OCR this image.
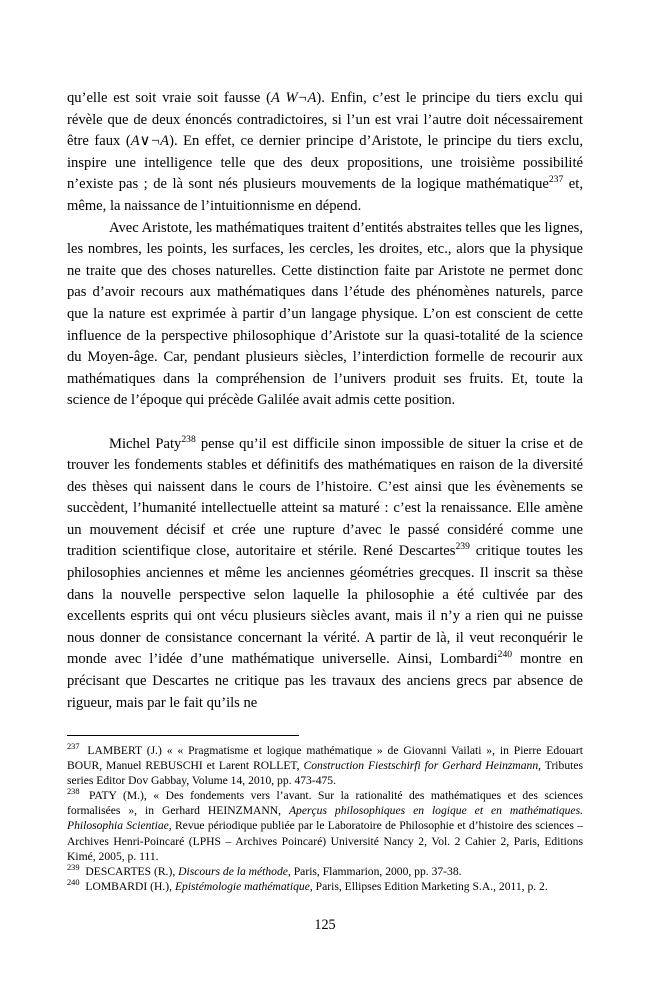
qu’elle est soit vraie soit fausse (A W¬A). Enfin, c’est le principe du tiers exclu qui révèle que de deux énoncés contradictoires, si l’un est vrai l’autre doit nécessairement être faux (A∨¬A). En effet, ce dernier principe d’Aristote, le principe du tiers exclu, inspire une intelligence telle que des deux propositions, une troisième possibilité n’existe pas ; de là sont nés plusieurs mouvements de la logique mathématique$^{237}$ et, même, la naissance de l’intuitionnisme en dépend.

Avec Aristote, les mathématiques traitent d’entités abstraites telles que les lignes, les nombres, les points, les surfaces, les cercles, les droites, etc., alors que la physique ne traite que des choses naturelles. Cette distinction faite par Aristote ne permet donc pas d’avoir recours aux mathématiques dans l’étude des phénomènes naturels, parce que la nature est exprimée à partir d’un langage physique. L’on est conscient de cette influence de la perspective philosophique d’Aristote sur la quasi-totalité de la science du Moyen-âge. Car, pendant plusieurs siècles, l’interdiction formelle de recourir aux mathématiques dans la compréhension de l’univers produit ses fruits. Et, toute la science de l’époque qui précède Galilée avait admis cette position.

Michel Paty$^{238}$ pense qu’il est difficile sinon impossible de situer la crise et de trouver les fondements stables et définitifs des mathématiques en raison de la diversité des thèses qui naissent dans le cours de l’histoire. C’est ainsi que les évènements se succèdent, l’humanité intellectuelle atteint sa maturé : c’est la renaissance. Elle amène un mouvement décisif et crée une rupture d’avec le passé considéré comme une tradition scientifique close, autoritaire et stérile. René Descartes$^{239}$ critique toutes les philosophies anciennes et même les anciennes géométries grecques. Il inscrit sa thèse dans la nouvelle perspective selon laquelle la philosophie a été cultivée par des excellents esprits qui ont vécu plusieurs siècles avant, mais il n’y a rien qui ne puisse nous donner de consistance concernant la vérité. A partir de là, il veut reconquérir le monde avec l’idée d’une mathématique universelle. Ainsi, Lombardi$^{240}$ montre en précisant que Descartes ne critique pas les travaux des anciens grecs par absence de rigueur, mais par le fait qu’ils ne

$^{237}$ LAMBERT (J.) « « Pragmatisme et logique mathématique » de Giovanni Vailati », in Pierre Edouart BOUR, Manuel REBUSCHI et Larent ROLLET, Construction Fiestschirfi for Gerhard Heinzmann, Tributes series Editor Dov Gabbay, Volume 14, 2010, pp. 473-475.

$^{238}$ PATY (M.), « Des fondements vers l’avant. Sur la rationalité des mathématiques et des sciences formalisées », in Gerhard HEINZMANN, Aperçus philosophiques en logique et en mathématiques. Philosophia Scientiae, Revue périodique publiée par le Laboratoire de Philosophie et d’histoire des sciences – Archives Henri-Poincaré (LPHS – Archives Poincaré) Université Nancy 2, Vol. 2 Cahier 2, Paris, Editions Kimé, 2005, p. 111.

$^{239}$ DESCARTES (R.), Discours de la méthode, Paris, Flammarion, 2000, pp. 37-38.

$^{240}$ LOMBARDI (H.), Epistémologie mathématique, Paris, Ellipses Edition Marketing S.A., 2011, p. 2.

125
